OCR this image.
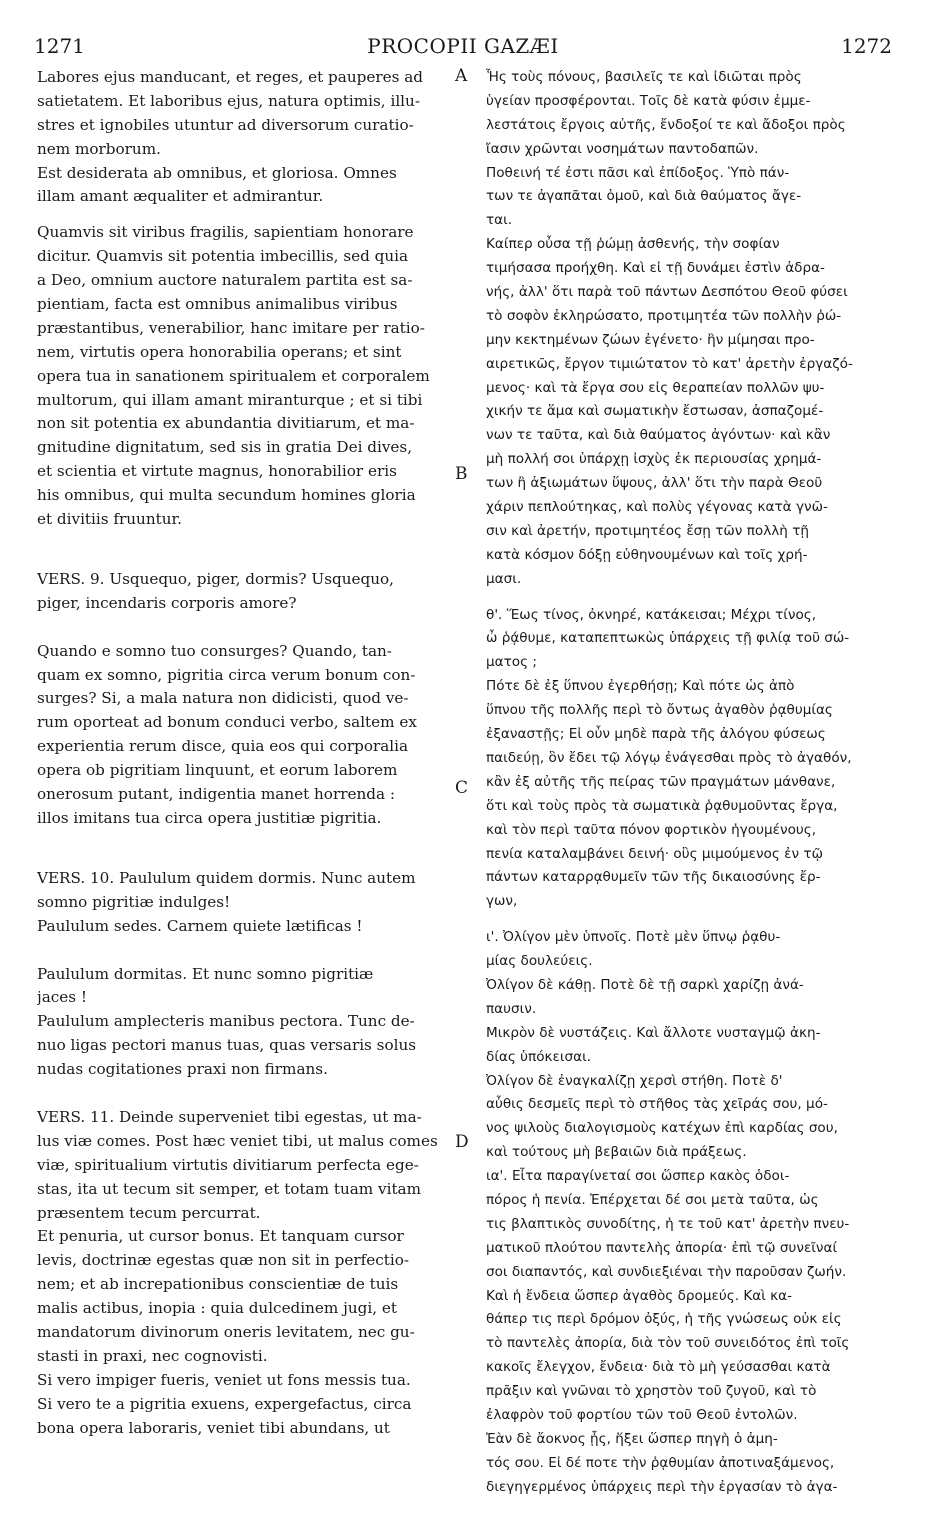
1271	PROCOPII GAZÆI	1272
A
B
C
D
Labores ejus manducant, et reges, et pauperes ad
satietatem. Et laboribus ejus, natura optimis, illu-
stres et ignobiles utuntur ad diversorum curatio-
nem morborum.
Est desiderata ab omnibus, et gloriosa. Omnes
illam amant æqualiter et admirantur.
Quamvis sit viribus fragilis, sapientiam honorare
dicitur. Quamvis sit potentia imbecillis, sed quia
a Deo, omnium auctore naturalem partita est sa-
pientiam, facta est omnibus animalibus viribus
præstantibus, venerabilior, hanc imitare per ratio-
nem, virtutis opera honorabilia operans; et sint
opera tua in sanationem spiritualem et corporalem
multorum, qui illam amant miranturque ; et si tibi
non sit potentia ex abundantia divitiarum, et ma-
gnitudine dignitatum, sed sis in gratia Dei dives,
et scientia et virtute magnus, honorabilior eris
his omnibus, qui multa secundum homines gloria
et divitiis fruuntur.
VERS. 9. Usquequo, piger, dormis? Usquequo,
piger, incendaris corporis amore?
Quando e somno tuo consurges? Quando, tan-
quam ex somno, pigritia circa verum bonum con-
surges? Si, a mala natura non didicisti, quod ve-
rum oporteat ad bonum conduci verbo, saltem ex
experientia rerum disce, quia eos qui corporalia
opera ob pigritiam linquunt, et eorum laborem
onerosum putant, indigentia manet horrenda :
illos imitans tua circa opera justitiæ pigritia.
VERS. 10. Paululum quidem dormis. Nunc autem
somno pigritiæ indulges!
Paululum sedes. Carnem quiete lætificas !
Paululum dormitas. Et nunc somno pigritiæ
jaces !
Paululum amplecteris manibus pectora. Tunc de-
nuo ligas pectori manus tuas, quas versaris solus
nudas cogitationes praxi non firmans.
VERS. 11. Deinde superveniet tibi egestas, ut ma-
lus viæ comes. Post hæc veniet tibi, ut malus comes
viæ, spiritualium virtutis divitiarum perfecta ege-
stas, ita ut tecum sit semper, et totam tuam vitam
præsentem tecum percurrat.
Et penuria, ut cursor bonus. Et tanquam cursor
levis, doctrinæ egestas quæ non sit in perfectio-
nem; et ab increpationibus conscientiæ de tuis
malis actibus, inopia : quia dulcedinem jugi, et
mandatorum divinorum oneris levitatem, nec gu-
stasti in praxi, nec cognovisti.
Si vero impiger fueris, veniet ut fons messis tua.
Si vero te a pigritia exuens, expergefactus, circa
bona opera laboraris, veniet tibi abundans, ut
Ἧς τοὺς πόνους, βασιλεῖς τε καὶ ἰδιῶται πρὸς
ὑγείαν προσφέρονται. Τοῖς δὲ κατὰ φύσιν ἐμμε-
λεστάτοις ἔργοις αὐτῆς, ἔνδοξοί τε καὶ ἄδοξοι πρὸς
ἴασιν χρῶνται νοσημάτων παντοδαπῶν.
Ποθεινή τέ ἐστι πᾶσι καὶ ἐπίδοξος. Ὑπὸ πάν-
των τε ἀγαπᾶται ὁμοῦ, καὶ διὰ θαύματος ἄγε-
ται.
Καίπερ οὖσα τῇ ῥώμῃ ἀσθενής, τὴν σοφίαν
τιμήσασα προήχθη. Καὶ εἰ τῇ δυνάμει ἐστὶν ἀδρα-
νής, ἀλλ' ὅτι παρὰ τοῦ πάντων Δεσπότου Θεοῦ φύσει
τὸ σοφὸν ἐκληρώσατο, προτιμητέα τῶν πολλὴν ῥώ-
μην κεκτημένων ζώων ἐγένετο· ἣν μίμησαι προ-
αιρετικῶς, ἔργον τιμιώτατον τὸ κατ' ἀρετὴν ἐργαζό-
μενος· καὶ τὰ ἔργα σου εἰς θεραπείαν πολλῶν ψυ-
χικήν τε ἅμα καὶ σωματικὴν ἔστωσαν, ἀσπαζομέ-
νων τε ταῦτα, καὶ διὰ θαύματος ἀγόντων· καὶ κἂν
μὴ πολλή σοι ὑπάρχῃ ἰσχὺς ἐκ περιουσίας χρημά-
των ἢ ἀξιωμάτων ὕψους, ἀλλ' ὅτι τὴν παρὰ Θεοῦ
χάριν πεπλούτηκας, καὶ πολὺς γέγονας κατὰ γνῶ-
σιν καὶ ἀρετήν, προτιμητέος ἔσῃ τῶν πολλὴ τῇ
κατὰ κόσμον δόξῃ εὐθηνουμένων καὶ τοῖς χρή-
μασι.
θ'. Ἕως τίνος, ὀκνηρέ, κατάκεισαι; Μέχρι τίνος,
ὦ ῥᾴθυμε, καταπεπτωκὼς ὑπάρχεις τῇ φιλίᾳ τοῦ σώ-
ματος ;
Πότε δὲ ἐξ ὕπνου ἐγερθήσῃ; Καὶ πότε ὡς ἀπὸ
ὕπνου τῆς πολλῆς περὶ τὸ ὄντως ἀγαθὸν ῥᾳθυμίας
ἐξαναστῇς; Εἰ οὖν μηδὲ παρὰ τῆς ἀλόγου φύσεως
παιδεύῃ, ὃν ἔδει τῷ λόγῳ ἐνάγεσθαι πρὸς τὸ ἀγαθόν,
κἂν ἐξ αὐτῆς τῆς πείρας τῶν πραγμάτων μάνθανε,
ὅτι καὶ τοὺς πρὸς τὰ σωματικὰ ῥᾳθυμοῦντας ἔργα,
καὶ τὸν περὶ ταῦτα πόνον φορτικὸν ἡγουμένους,
πενία καταλαμβάνει δεινή· οὓς μιμούμενος ἐν τῷ
πάντων καταρρᾳθυμεῖν τῶν τῆς δικαιοσύνης ἔρ-
γων,
ι'. Ὀλίγον μὲν ὑπνοῖς. Ποτὲ μὲν ὕπνῳ ῥᾳθυ-
μίας δουλεύεις.
Ὀλίγον δὲ κάθῃ. Ποτὲ δὲ τῇ σαρκὶ χαρίζῃ ἀνά-
παυσιν.
Μικρὸν δὲ νυστάζεις. Καὶ ἄλλοτε νυσταγμῷ ἀκη-
δίας ὑπόκεισαι.
Ὀλίγον δὲ ἐναγκαλίζῃ χερσὶ στήθη. Ποτὲ δ'
αὖθις δεσμεῖς περὶ τὸ στῆθος τὰς χεῖράς σου, μό-
νος ψιλοὺς διαλογισμοὺς κατέχων ἐπὶ καρδίας σου,
καὶ τούτους μὴ βεβαιῶν διὰ πράξεως.
ια'. Εἶτα παραγίνεταί σοι ὥσπερ κακὸς ὁδοι-
πόρος ἡ πενία. Ἐπέρχεται δέ σοι μετὰ ταῦτα, ὡς
τις βλαπτικὸς συνοδίτης, ἡ τε τοῦ κατ' ἀρετὴν πνευ-
ματικοῦ πλούτου παντελὴς ἀπορία· ἐπὶ τῷ συνεῖναί
σοι διαπαντός, καὶ συνδιεξιέναι τὴν παροῦσαν ζωήν.
Καὶ ἡ ἔνδεια ὥσπερ ἀγαθὸς δρομεύς. Καὶ κα-
θάπερ τις περὶ δρόμον ὀξύς, ἡ τῆς γνώσεως οὐκ εἰς
τὸ παντελὲς ἀπορία, διὰ τὸν τοῦ συνειδότος ἐπὶ τοῖς
κακοῖς ἔλεγχον, ἔνδεια· διὰ τὸ μὴ γεύσασθαι κατὰ
πρᾶξιν καὶ γνῶναι τὸ χρηστὸν τοῦ ζυγοῦ, καὶ τὸ
ἐλαφρὸν τοῦ φορτίου τῶν τοῦ Θεοῦ ἐντολῶν.
Ἐὰν δὲ ἄοκνος ᾖς, ἥξει ὥσπερ πηγὴ ὁ ἀμη-
τός σου. Εἰ δέ ποτε τὴν ῥᾳθυμίαν ἀποτιναξάμενος,
διεγηγερμένος ὑπάρχεις περὶ τὴν ἐργασίαν τὸ ἀγα-
